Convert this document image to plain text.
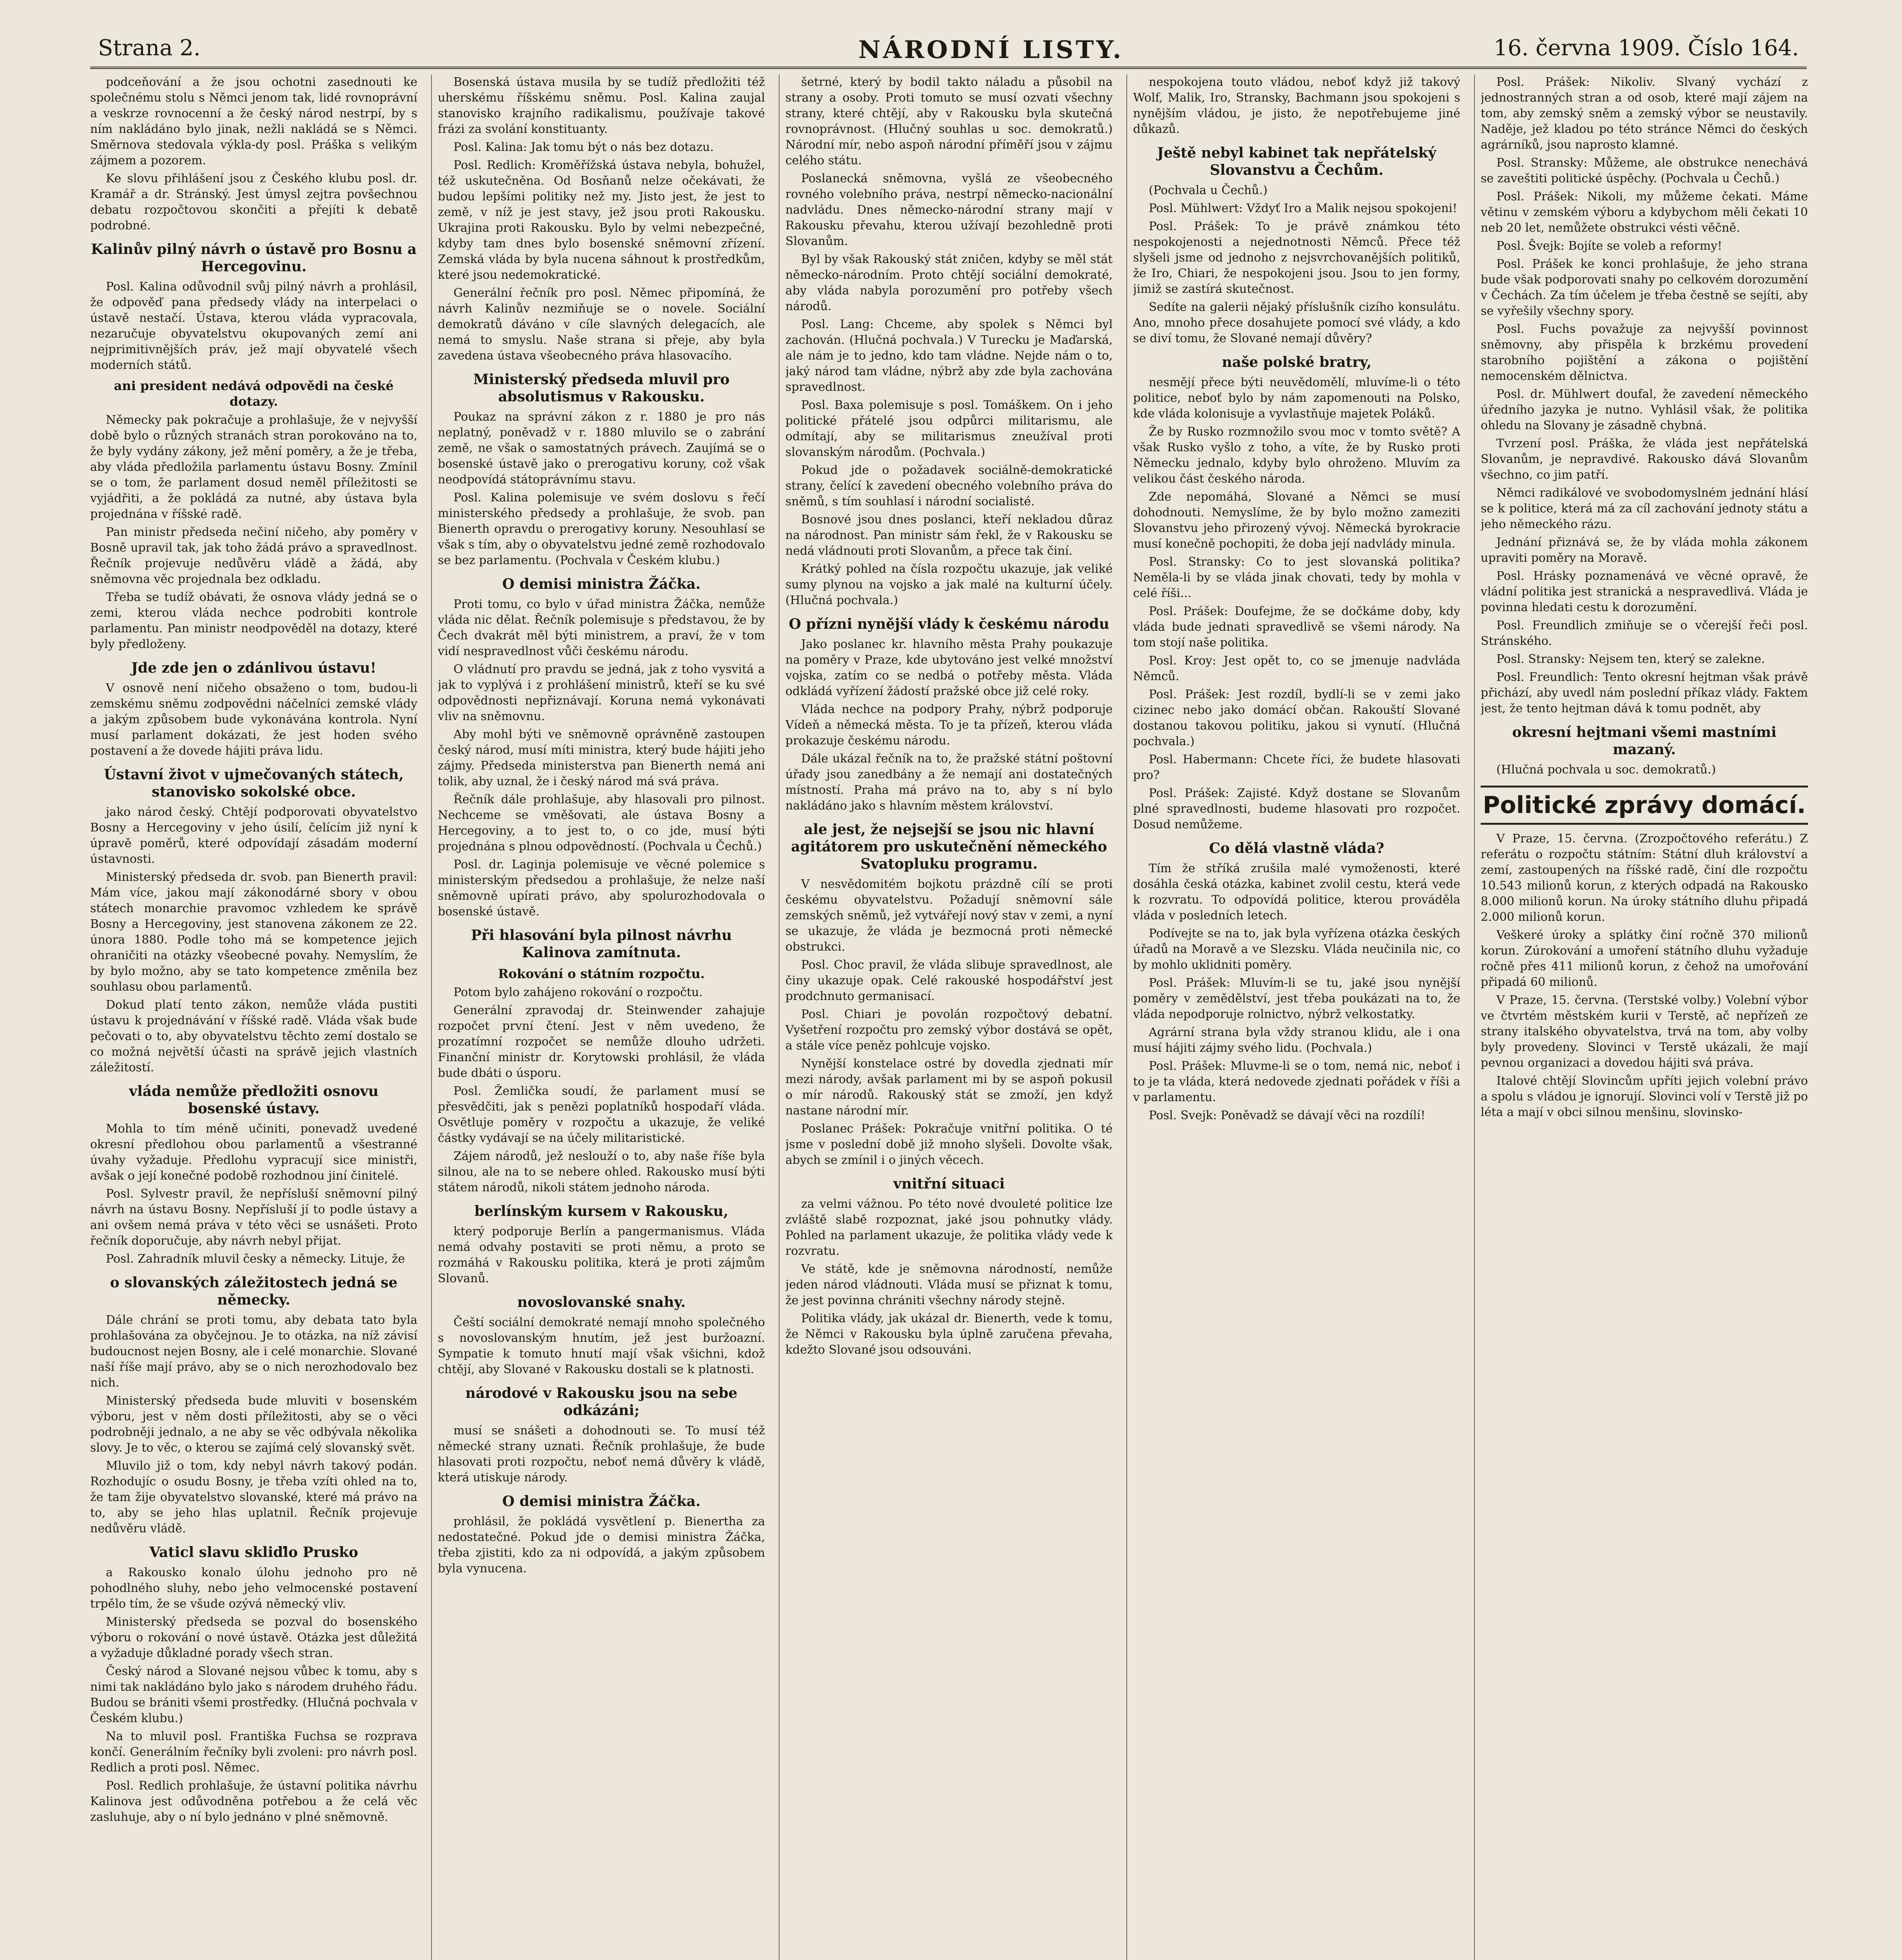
Strana 2.	NÁRODNÍ LISTY.	16. června 1909. Číslo 164.

podceňování a že jsou ochotni zasednouti ke společnému stolu s Němci jenom tak, lidé rovnoprávní a veskrze rovnocenní a že český národ nestrpí, by s ním nakládáno bylo jinak, nežli nakládá se s Němci. Směrnova stedovala výkla-dy posl. Práška s velikým zájmem a pozorem.

Ke slovu přihlášení jsou z Českého klubu posl. dr. Kramář a dr. Stránský. Jest úmysl zejtra povšechnou debatu rozpočtovou skončiti a přejíti k debatě podrobné.

Kalinův pilný návrh o ústavě pro Bosnu a Hercegovinu.

Posl. Kalina odůvodnil svůj pilný návrh a prohlásil, že odpověď pana předsedy vlády na interpelaci o ústavě nestačí. Ústava, kterou vláda vypracovala, nezaručuje obyvatelstvu okupovaných zemí ani nejprimitivnějších práv, jež mají obyvatelé všech moderních států.

ani president nedává odpovědi na české dotazy.

Německy pak pokračuje a prohlašuje, že v nejvyšší době bylo o různých stranách stran porokováno na to, že byly vydány zákony, jež mění poměry, a že je třeba, aby vláda předložila parlamentu ústavu Bosny. Zmínil se o tom, že parlament dosud neměl příležitosti se vyjádřiti, a že pokládá za nutné, aby ústava byla projednána v říšské radě.

Pan ministr předseda nečiní ničeho, aby poměry v Bosně upravil tak, jak toho žádá právo a spravedlnost. Řečník projevuje nedůvěru vládě a žádá, aby sněmovna věc projednala bez odkladu.

Třeba se tudíž obávati, že osnova vlády jedná se o zemi, kterou vláda nechce podrobiti kontrole parlamentu. Pan ministr neodpověděl na dotazy, které byly předloženy.

Jde zde jen o zdánlivou ústavu!

V osnově není ničeho obsaženo o tom, budou-li zemskému sněmu zodpovědni náčelníci zemské vlády a jakým způsobem bude vykonávána kontrola. Nyní musí parlament dokázati, že jest hoden svého postavení a že dovede hájiti práva lidu.

Ústavní život v ujmečovaných státech, stanovisko sokolské obce.

jako národ český. Chtějí podporovati obyvatelstvo Bosny a Hercegoviny v jeho úsilí, čelícím již nyní k úpravě poměrů, které odpovídají zásadám moderní ústavnosti.

Ministerský předseda dr. svob. pan Bienerth pravil: Mám více, jakou mají zákonodárné sbory v obou státech monarchie pravomoc vzhledem ke správě Bosny a Hercegoviny, jest stanovena zákonem ze 22. února 1880. Podle toho má se kompetence jejich ohraničiti na otázky všeobecné povahy. Nemyslím, že by bylo možno, aby se tato kompetence změnila bez souhlasu obou parlamentů.

Dokud platí tento zákon, nemůže vláda pustiti ústavu k projednávání v říšské radě. Vláda však bude pečovati o to, aby obyvatelstvu těchto zemí dostalo se co možná největší účasti na správě jejich vlastních záležitostí.

vláda nemůže předložiti osnovu bosenské ústavy.

Mohla to tím méně učiniti, ponevadž uvedené okresní předlohou obou parlamentů a všestranné úvahy vyžaduje. Předlohu vypracují sice ministři, avšak o její konečné podobě rozhodnou jiní činitelé.

Posl. Sylvestr pravil, že nepřísluší sněmovní pilný návrh na ústavu Bosny. Nepřísluší jí to podle ústavy a ani ovšem nemá práva v této věci se usnášeti. Proto řečník doporučuje, aby návrh nebyl přijat.

Posl. Zahradník mluvil česky a německy. Lituje, že

o slovanských záležitostech jedná se německy.

Dále chrání se proti tomu, aby debata tato byla prohlašována za obyčejnou. Je to otázka, na níž závisí budoucnost nejen Bosny, ale i celé monarchie. Slované naší říše mají právo, aby se o nich nerozhodovalo bez nich.

Ministerský předseda bude mluviti v bosenském výboru, jest v něm dosti příležitosti, aby se o věci podrobněji jednalo, a ne aby se věc odbývala několika slovy. Je to věc, o kterou se zajímá celý slovanský svět.

Mluvilo již o tom, kdy nebyl návrh takový podán. Rozhodujíc o osudu Bosny, je třeba vzíti ohled na to, že tam žije obyvatelstvo slovanské, které má právo na to, aby se jeho hlas uplatnil. Řečník projevuje nedůvěru vládě.

Vaticl slavu skliďlo Prusko

a Rakousko konalo úlohu jednoho pro ně pohodlného sluhy, nebo jeho velmocenské postavení trpělo tím, že se všude ozývá německý vliv.

Ministerský předseda se pozval do bosenského výboru o rokování o nové ústavě. Otázka jest důležitá a vyžaduje důkladné porady všech stran.

Český národ a Slované nejsou vůbec k tomu, aby s nimi tak nakládáno bylo jako s národem druhého řádu. Budou se brániti všemi prostředky. (Hlučná pochvala v Českém klubu.)

Na to mluvil posl. Františka Fuchsa se rozprava končí. Generálním řečníky byli zvoleni: pro návrh posl. Redlich a proti posl. Němec.

Posl. Redlich prohlašuje, že ústavní politika návrhu Kalinova jest odůvodněna potřebou a že celá věc zasluhuje, aby o ní bylo jednáno v plné sněmovně.

Bosenská ústava musila by se tudíž předložiti též uherskému říšskému sněmu. Posl. Kalina zaujal stanovisko krajního radikalismu, používaje takové frázi za svolání konstituanty.

Posl. Kalina: Jak tomu být o nás bez dotazu.

Posl. Redlich: Kroměřížská ústava nebyla, bohužel, též uskutečněna. Od Bosňanů nelze očekávati, že budou lepšími politiky než my. Jisto jest, že jest to země, v níž je jest stavy, jež jsou proti Rakousku. Ukrajina proti Rakousku. Bylo by velmi nebezpečné, kdyby tam dnes bylo bosenské sněmovní zřízení. Zemská vláda by byla nucena sáhnout k prostředkům, které jsou nedemokratické.

Generální řečník pro posl. Němec připomíná, že návrh Kalinův nezmiňuje se o novele. Sociální demokratů dáváno v cíle slavných delegacích, ale nemá to smyslu. Naše strana si přeje, aby byla zavedena ústava všeobecného práva hlasovacího.

Ministerský předseda mluvil pro absolutismus v Rakousku.

Poukaz na správní zákon z r. 1880 je pro nás neplatný, poněvadž v r. 1880 mluvilo se o zabrání země, ne však o samostatných právech. Zaujímá se o bosenské ústavě jako o prerogativu koruny, což však neodpovídá státoprávnímu stavu.

Posl. Kalina polemisuje ve svém doslovu s řečí ministerského předsedy a prohlašuje, že svob. pan Bienerth opravdu o prerogativy koruny. Nesouhlasí se však s tím, aby o obyvatelstvu jedné země rozhodovalo se bez parlamentu. (Pochvala v Českém klubu.)

O demisi ministra Žáčka.

Proti tomu, co bylo v úřad ministra Žáčka, nemůže vláda nic dělat. Řečník polemisuje s představou, že by Čech dvakrát měl býti ministrem, a praví, že v tom vidí nespravedlnost vůči českému národu.

O vládnutí pro pravdu se jedná, jak z toho vysvitá a jak to vyplývá i z prohlášení ministrů, kteří se ku své odpovědnosti nepřiznávají. Koruna nemá vykonávati vliv na sněmovnu.

Aby mohl býti ve sněmovně oprávněně zastoupen český národ, musí míti ministra, který bude hájiti jeho zájmy. Předseda ministerstva pan Bienerth nemá ani tolik, aby uznal, že i český národ má svá práva.

Řečník dále prohlašuje, aby hlasovali pro pilnost. Nechceme se vměšovati, ale ústava Bosny a Hercegoviny, a to jest to, o co jde, musí býti projednána s plnou odpovědností. (Pochvala u Čechů.)

Posl. dr. Laginja polemisuje ve věcné polemice s ministerským předsedou a prohlašuje, že nelze naší sněmovně upírati právo, aby spolurozhodovala o bosenské ústavě.

Při hlasování byla pilnost návrhu Kalinova zamítnuta.
Rokování o státním rozpočtu.

Potom bylo zahájeno rokování o rozpočtu.

Generální zpravodaj dr. Steinwender zahajuje rozpočet první čtení. Jest v něm uvedeno, že prozatímní rozpočet se nemůže dlouho udržeti. Finanční ministr dr. Korytowski prohlásil, že vláda bude dbáti o úsporu.

Posl. Žemlička soudí, že parlament musí se přesvědčiti, jak s penězi poplatníků hospodaří vláda. Osvětluje poměry v rozpočtu a ukazuje, že veliké částky vydávají se na účely militaristické.

Zájem národů, jež neslouží o to, aby naše říše byla silnou, ale na to se nebere ohled. Rakousko musí býti státem národů, nikoli státem jednoho národa.

berlínským kursem v Rakousku,

který podporuje Berlín a pangermanismus. Vláda nemá odvahy postaviti se proti němu, a proto se rozmáhá v Rakousku politika, která je proti zájmům Slovanů.

novoslovanské snahy.

Čeští sociální demokraté nemají mnoho společného s novoslovanským hnutím, jež jest buržoazní. Sympatie k tomuto hnutí mají však všichni, kdož chtějí, aby Slované v Rakousku dostali se k platnosti.

národové v Rakousku jsou na sebe odkázáni;

musí se snášeti a dohodnouti se. To musí též německé strany uznati. Řečník prohlašuje, že bude hlasovati proti rozpočtu, neboť nemá důvěry k vládě, která utiskuje národy.

O demisi ministra Žáčka.

prohlásil, že pokládá vysvětlení p. Bienertha za nedostatečné. Pokud jde o demisi ministra Žáčka, třeba zjistiti, kdo za ni odpovídá, a jakým způsobem byla vynucena.

šetrné, který by bodil takto náladu a působil na strany a osoby. Proti tomuto se musí ozvati všechny strany, které chtějí, aby v Rakousku byla skutečná rovnoprávnost. (Hlučný souhlas u soc. demokratů.) Národní mír, nebo aspoň národní příměří jsou v zájmu celého státu.

Poslanecká sněmovna, vyšlá ze všeobecného rovného volebního práva, nestrpí německo-nacionální nadvládu. Dnes německo-národní strany mají v Rakousku převahu, kterou užívají bezohledně proti Slovanům.

Byl by však Rakouský stát zničen, kdyby se měl stát německo-národním. Proto chtějí sociální demokraté, aby vláda nabyla porozumění pro potřeby všech národů.

Posl. Lang: Chceme, aby spolek s Němci byl zachován. (Hlučná pochvala.) V Turecku je Maďarská, ale nám je to jedno, kdo tam vládne. Nejde nám o to, jaký národ tam vládne, nýbrž aby zde byla zachována spravedlnost.

Posl. Baxa polemisuje s posl. Tomáškem. On i jeho politické přátelé jsou odpůrci militarismu, ale odmítají, aby se militarismus zneužíval proti slovanským národům. (Pochvala.)

Pokud jde o požadavek sociálně-demokratické strany, čelící k zavedení obecného volebního práva do sněmů, s tím souhlasí i národní socialisté.

Bosnové jsou dnes poslanci, kteří nekladou důraz na národnost. Pan ministr sám řekl, že v Rakousku se nedá vládnouti proti Slovanům, a přece tak činí.

Krátký pohled na čísla rozpočtu ukazuje, jak veliké sumy plynou na vojsko a jak malé na kulturní účely. (Hlučná pochvala.)

O přízni nynější vlády k českému národu

Jako poslanec kr. hlavního města Prahy poukazuje na poměry v Praze, kde ubytováno jest velké množství vojska, zatím co se nedbá o potřeby města. Vláda odkládá vyřízení žádostí pražské obce již celé roky.

Vláda nechce na podpory Prahy, nýbrž podporuje Vídeň a německá města. To je ta přízeň, kterou vláda prokazuje českému národu.

Dále ukázal řečník na to, že pražské státní poštovní úřady jsou zanedbány a že nemají ani dostatečných místností. Praha má právo na to, aby s ní bylo nakládáno jako s hlavním městem království.

ale jest, že nejsejší se jsou nic hlavní agitátorem pro uskutečnění německého Svatopluku programu.

V nesvědomitém bojkotu prázdně cílí se proti českému obyvatelstvu. Požadují sněmovní sále zemských sněmů, jež vytvářejí nový stav v zemi, a nyní se ukazuje, že vláda je bezmocná proti německé obstrukci.

Posl. Choc pravil, že vláda slibuje spravedlnost, ale činy ukazuje opak. Celé rakouské hospodářství jest prodchnuto germanisací.

Posl. Chiari je povolán rozpočtový debatní. Vyšetření rozpočtu pro zemský výbor dostává se opět, a stále více peněz pohlcuje vojsko.

Nynější konstelace ostré by dovedla zjednati mír mezi národy, avšak parlament mi by se aspoň pokusil o mír národů. Rakouský stát se zmoží, jen když nastane národní mír.

Poslanec Prášek: Pokračuje vnitřní politika. O té jsme v poslední době již mnoho slyšeli. Dovolte však, abych se zmínil i o jiných věcech.

vnitřní situaci

za velmi vážnou. Po této nové dvouleté politice lze zvláště slabě rozpoznat, jaké jsou pohnutky vlády. Pohled na parlament ukazuje, že politika vlády vede k rozvratu.

Ve státě, kde je sněmovna národností, nemůže jeden národ vládnouti. Vláda musí se přiznat k tomu, že jest povinna chrániti všechny národy stejně.

Politika vlády, jak ukázal dr. Bienerth, vede k tomu, že Němci v Rakousku byla úplně zaručena převaha, kdežto Slované jsou odsouváni.

nespokojena touto vládou, neboť když již takový Wolf, Malik, Iro, Stransky, Bachmann jsou spokojeni s nynějším vládou, je jisto, že nepotřebujeme jiné důkazů.

Ještě nebyl kabinet tak nepřátelský Slovanstvu a Čechům.

(Pochvala u Čechů.)

Posl. Mühlwert: Vždyť Iro a Malik nejsou spokojeni!

Posl. Prášek: To je právě známkou této nespokojenosti a nejednotnosti Němců. Přece též slyšeli jsme od jednoho z nejsvrchovanějších politiků, že Iro, Chiari, že nespokojeni jsou. Jsou to jen formy, jimiž se zastírá skutečnost.

Sedíte na galerii nějaký příslušník cizího konsulátu. Ano, mnoho přece dosahujete pomocí své vlády, a kdo se diví tomu, že Slované nemají důvěry?

naše polské bratry,

nesmějí přece býti neuvědomělí, mluvíme-li o této politice, neboť bylo by nám zapomenouti na Polsko, kde vláda kolonisuje a vyvlastňuje majetek Poláků.

Že by Rusko rozmnožilo svou moc v tomto světě? A však Rusko vyšlo z toho, a víte, že by Rusko proti Německu jednalo, kdyby bylo ohroženo. Mluvím za velikou část českého národa.

Zde nepomáhá, Slované a Němci se musí dohodnouti. Nemyslíme, že by bylo možno zameziti Slovanstvu jeho přirozený vývoj. Německá byrokracie musí konečně pochopiti, že doba její nadvlády minula.

Posl. Stransky: Co to jest slovanská politika? Neměla-li by se vláda jinak chovati, tedy by mohla v celé říši...

Posl. Prášek: Doufejme, že se dočkáme doby, kdy vláda bude jednati spravedlivě se všemi národy. Na tom stojí naše politika.

Posl. Kroy: Jest opět to, co se jmenuje nadvláda Němců.

Posl. Prášek: Jest rozdíl, bydlí-li se v zemi jako cizinec nebo jako domácí občan. Rakouští Slované dostanou takovou politiku, jakou si vynutí. (Hlučná pochvala.)

Posl. Habermann: Chcete říci, že budete hlasovati pro?

Posl. Prášek: Zajisté. Když dostane se Slovanům plné spravedlnosti, budeme hlasovati pro rozpočet. Dosud nemůžeme.

Co dělá vlastně vláda?

Tím že stříká zrušila malé vymoženosti, které dosáhla česká otázka, kabinet zvolil cestu, která vede k rozvratu. To odpovídá politice, kterou prováděla vláda v posledních letech.

Podívejte se na to, jak byla vyřízena otázka českých úřadů na Moravě a ve Slezsku. Vláda neučinila nic, co by mohlo uklidniti poměry.

Posl. Prášek: Mluvím-li se tu, jaké jsou nynější poměry v zemědělství, jest třeba poukázati na to, že vláda nepodporuje rolnictvo, nýbrž velkostatky.

Agrární strana byla vždy stranou klidu, ale i ona musí hájiti zájmy svého lidu. (Pochvala.)

Posl. Prášek: Mluvme-li se o tom, nemá nic, neboť i to je ta vláda, která nedovede zjednati pořádek v říši a v parlamentu.

Posl. Svejk: Poněvadž se dávají věci na rozdílí!

Posl. Prášek: Nikoliv. Slvaný vychází z jednostranných stran a od osob, které mají zájem na tom, aby zemský sněm a zemský výbor se neustavily. Naděje, jež kladou po této stránce Němci do českých agrárníků, jsou naprosto klamné.

Posl. Stransky: Můžeme, ale obstrukce nenechává se zaveštiti politické úspěchy. (Pochvala u Čechů.)

Posl. Prášek: Nikoli, my můžeme čekati. Máme větinu v zemském výboru a kdybychom měli čekati 10 neb 20 let, nemůžete obstrukci vésti věčně.

Posl. Švejk: Bojíte se voleb a reformy!

Posl. Prášek ke konci prohlašuje, že jeho strana bude však podporovati snahy po celkovém dorozumění v Čechách. Za tím účelem je třeba čestně se sejíti, aby se vyřešily všechny spory.

Posl. Fuchs považuje za nejvyšší povinnost sněmovny, aby přispěla k brzkému provedení starobního pojištění a zákona o pojištění nemocenském dělnictva.

Posl. dr. Mühlwert doufal, že zavedení německého úředního jazyka je nutno. Vyhlásil však, že politika ohledu na Slovany je zásadně chybná.

Tvrzení posl. Práška, že vláda jest nepřátelská Slovanům, je nepravdivé. Rakousko dává Slovanům všechno, co jim patří.

Němci radikálové ve svobodomyslném jednání hlásí se k politice, která má za cíl zachování jednoty státu a jeho německého rázu.

Jednání přiznává se, že by vláda mohla zákonem upraviti poměry na Moravě.

Posl. Hrásky poznamenává ve věcné opravě, že vládní politika jest stranická a nespravedlivá. Vláda je povinna hledati cestu k dorozumění.

Posl. Freundlich zmiňuje se o včerejší řeči posl. Stránského.

Posl. Stransky: Nejsem ten, který se zalekne.

Posl. Freundlich: Tento okresní hejtman však právě přichází, aby uvedl nám poslední příkaz vlády. Faktem jest, že tento hejtman dává k tomu podnět, aby

okresní hejtmani všemi mastními mazaný.

(Hlučná pochvala u soc. demokratů.)

Politické zprávy domácí.

V Praze, 15. června. (Zrozpočtového referátu.) Z referátu o rozpočtu státním: Státní dluh království a zemí, zastoupených na říšské radě, činí dle rozpočtu 10.543 milionů korun, z kterých odpadá na Rakousko 8.000 milionů korun. Na úroky státního dluhu připadá 2.000 milionů korun.

Veškeré úroky a splátky činí ročně 370 milionů korun. Zúrokování a umoření státního dluhu vyžaduje ročně přes 411 milionů korun, z čehož na umořování připadá 60 milionů.

V Praze, 15. června. (Terstské volby.) Volební výbor ve čtvrtém městském kurii v Terstě, ač nepřízeň ze strany italského obyvatelstva, trvá na tom, aby volby byly provedeny. Slovinci v Terstě ukázali, že mají pevnou organizaci a dovedou hájiti svá práva.

Italové chtějí Slovincům upříti jejich volební právo a spolu s vládou je ignorují. Slovinci volí v Terstě již po léta a mají v obci silnou menšinu, slovinsko-
